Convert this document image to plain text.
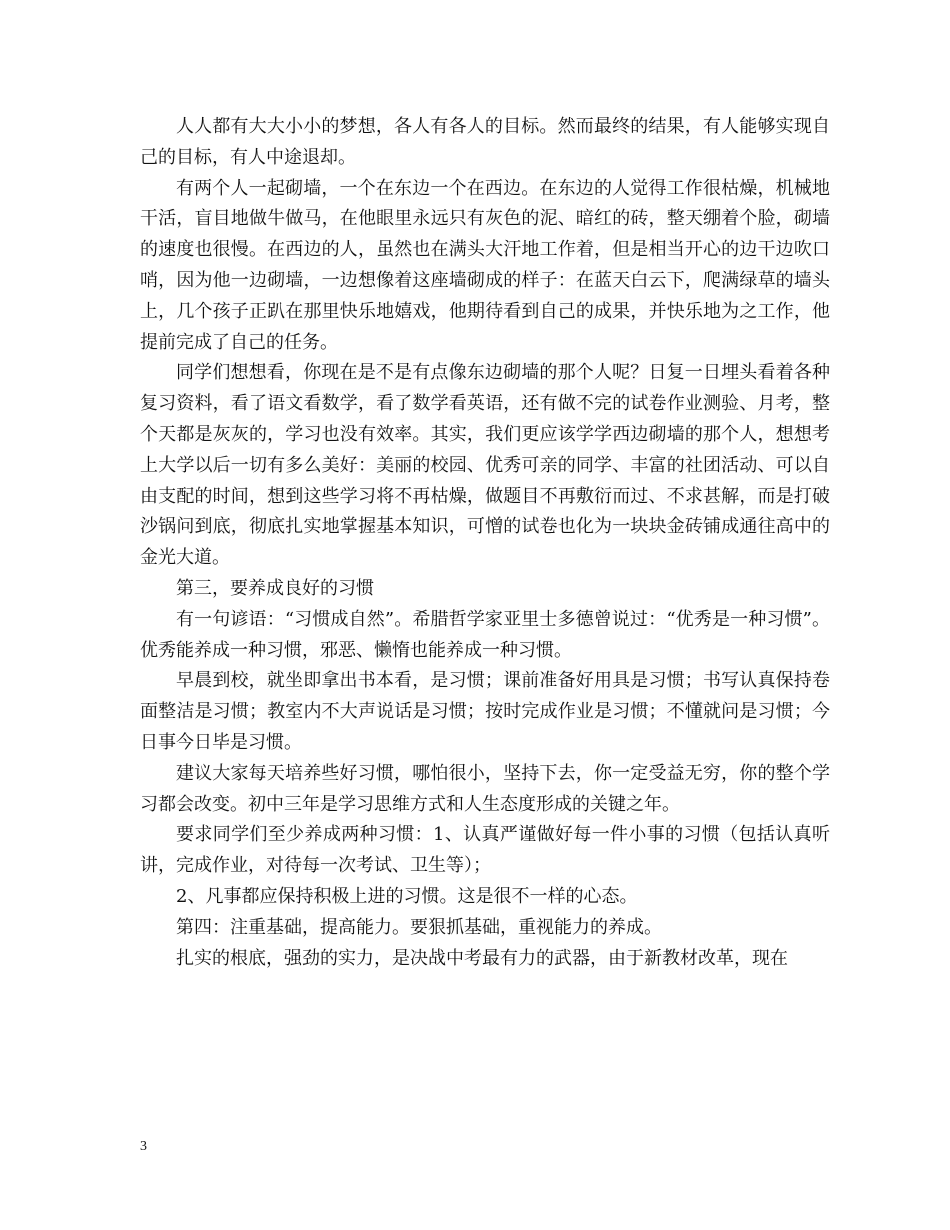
人人都有大大小小的梦想，各人有各人的目标。然而最终的结果，有人能够实现自己的目标，有人中途退却。

有两个人一起砌墙，一个在东边一个在西边。在东边的人觉得工作很枯燥，机械地干活，盲目地做牛做马，在他眼里永远只有灰色的泥、暗红的砖，整天绷着个脸，砌墙的速度也很慢。在西边的人，虽然也在满头大汗地工作着，但是相当开心的边干边吹口哨，因为他一边砌墙，一边想像着这座墙砌成的样子：在蓝天白云下，爬满绿草的墙头上，几个孩子正趴在那里快乐地嬉戏，他期待看到自己的成果，并快乐地为之工作，他提前完成了自己的任务。

同学们想想看，你现在是不是有点像东边砌墙的那个人呢？日复一日埋头看着各种复习资料，看了语文看数学，看了数学看英语，还有做不完的试卷作业测验、月考，整个天都是灰灰的，学习也没有效率。其实，我们更应该学学西边砌墙的那个人，想想考上大学以后一切有多么美好：美丽的校园、优秀可亲的同学、丰富的社团活动、可以自由支配的时间，想到这些学习将不再枯燥，做题目不再敷衍而过、不求甚解，而是打破沙锅问到底，彻底扎实地掌握基本知识，可憎的试卷也化为一块块金砖铺成通往高中的金光大道。

第三，要养成良好的习惯

有一句谚语：“习惯成自然”。希腊哲学家亚里士多德曾说过：“优秀是一种习惯”。优秀能养成一种习惯，邪恶、懒惰也能养成一种习惯。

早晨到校，就坐即拿出书本看，是习惯；课前准备好用具是习惯；书写认真保持卷面整洁是习惯；教室内不大声说话是习惯；按时完成作业是习惯；不懂就问是习惯；今日事今日毕是习惯。

建议大家每天培养些好习惯，哪怕很小，坚持下去，你一定受益无穷，你的整个学习都会改变。初中三年是学习思维方式和人生态度形成的关键之年。

要求同学们至少养成两种习惯：1、认真严谨做好每一件小事的习惯（包括认真听讲，完成作业，对待每一次考试、卫生等）；

2、凡事都应保持积极上进的习惯。这是很不一样的心态。

第四：注重基础，提高能力。要狠抓基础，重视能力的养成。

扎实的根底，强劲的实力，是决战中考最有力的武器，由于新教材改革，现在

3
